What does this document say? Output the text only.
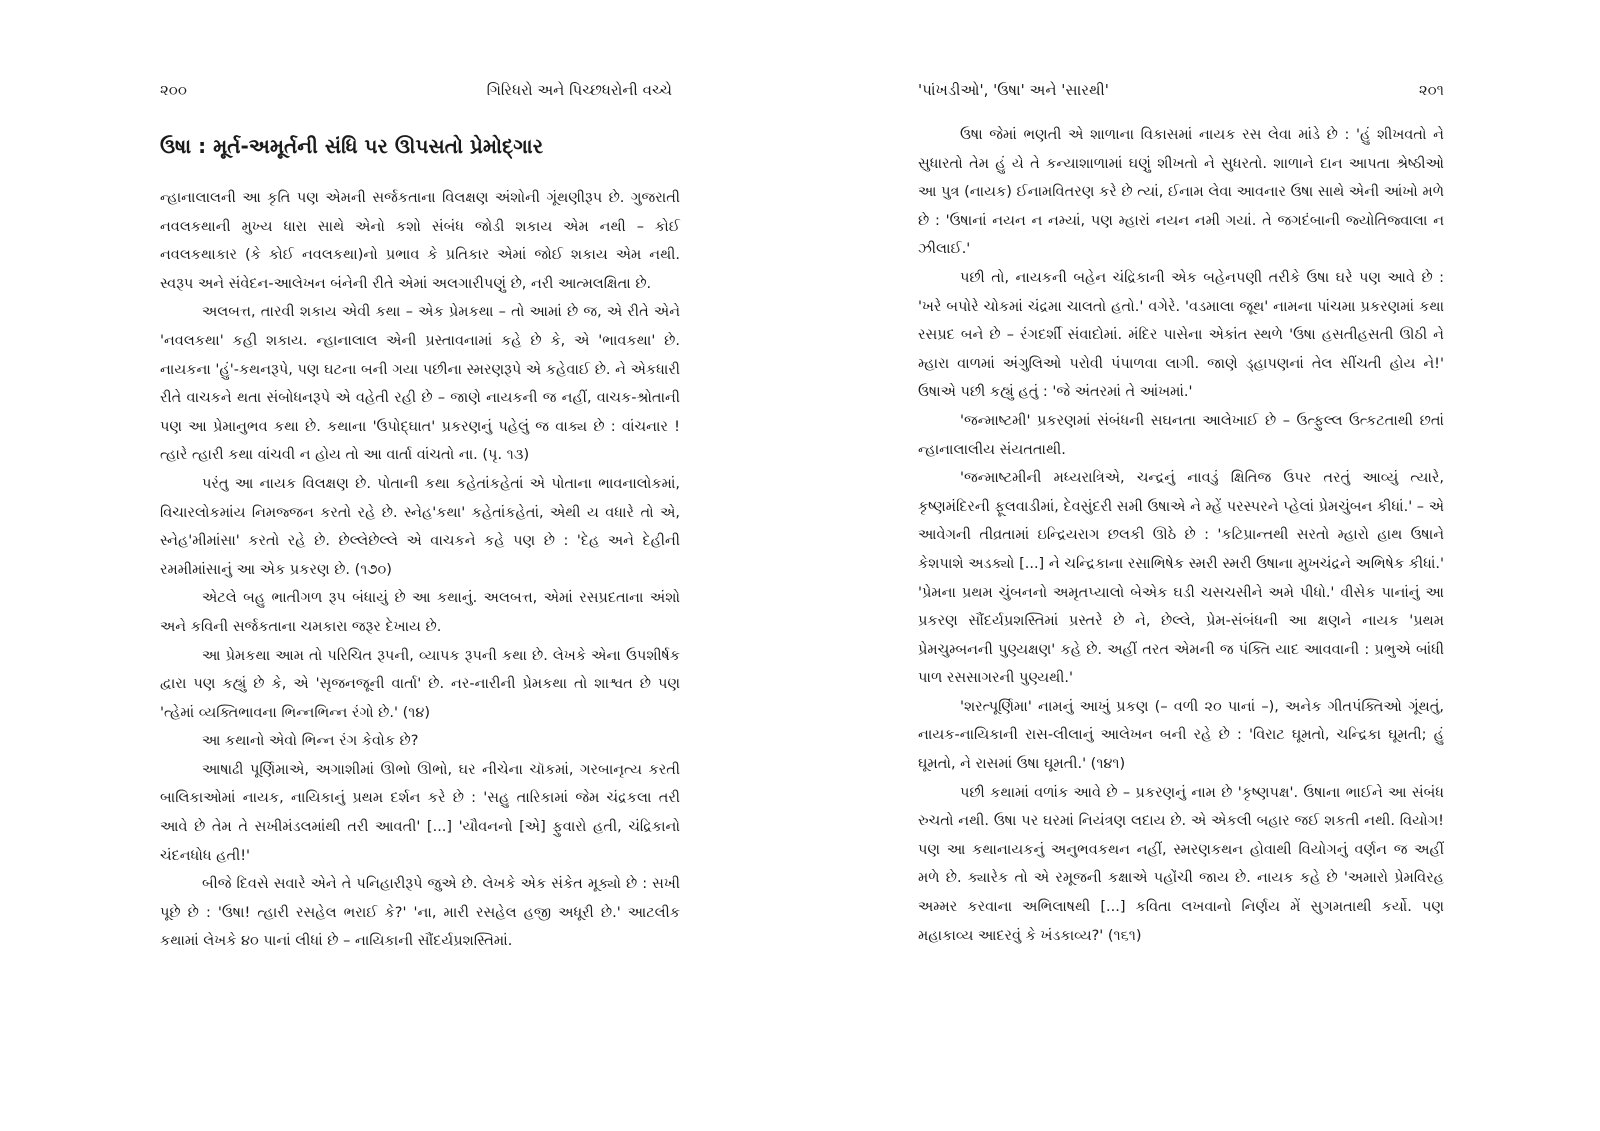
૨૦૦	ગિરિધરો અને પિચ્છધરોની વચ્ચે
ઉષા : મૂર્ત-અમૂર્તની સંધિ પર ઊપસતો પ્રેમોદ્ગાર

ન્હાનાલાલની આ કૃતિ પણ એમની સર્જકતાના વિલક્ષણ અંશોની ગૂંથણીરૂપ છે. ગુજરાતી નવલકથાની મુખ્ય ધારા સાથે એનો કશો સંબંધ જોડી શકાય એમ નથી – કોઈ નવલકથાકાર (કે કોઈ નવલકથા)નો પ્રભાવ કે પ્રતિકાર એમાં જોઈ શકાય એમ નથી. સ્વરૂપ અને સંવેદન-આલેખન બંનેની રીતે એમાં અલગારીપણું છે, નરી આત્મલક્ષિતા છે.

અલબત્ત, તારવી શકાય એવી કથા – એક પ્રેમકથા – તો આમાં છે જ, એ રીતે એને 'નવલકથા' કહી શકાય. ન્હાનાલાલ એની પ્રસ્તાવનામાં કહે છે કે, એ 'ભાવકથા' છે. નાયકના 'હું'-કથનરૂપે, પણ ઘટના બની ગયા પછીના સ્મરણરૂપે એ કહેવાઈ છે. ને એકધારી રીતે વાચકને થતા સંબોધનરૂપે એ વહેતી રહી છે – જાણે નાયકની જ નહીં, વાચક-શ્રોતાની પણ આ પ્રેમાનુભવ કથા છે. કથાના 'ઉપોદ્ઘાત' પ્રકરણનું પહેલું જ વાક્ય છે : વાંચનાર ! ત્હારે ત્હારી કથા વાંચવી ન હોય તો આ વાર્તા વાંચતો ના. (પૃ. ૧૩)

પરંતુ આ નાયક વિલક્ષણ છે. પોતાની કથા કહેતાંકહેતાં એ પોતાના ભાવનાલોકમાં, વિચારલોકમાંય નિમજ્જન કરતો રહે છે. સ્નેહ'કથા' કહેતાંકહેતાં, એથી ય વધારે તો એ, સ્નેહ'મીમાંસા' કરતો રહે છે. છેલ્લેછેલ્લે એ વાચકને કહે પણ છે : 'દેહ અને દેહીની રમમીમાંસાનું આ એક પ્રકરણ છે. (૧૭૦)

એટલે બહુ ભાતીગળ રૂપ બંધાયું છે આ કથાનું. અલબત્ત, એમાં રસપ્રદતાના અંશો અને કવિની સર્જકતાના ચમકારા જરૂર દેખાય છે.

આ પ્રેમકથા આમ તો પરિચિત રૂપની, વ્યાપક રૂપની કથા છે. લેખકે એના ઉપશીર્ષક દ્વારા પણ કહ્યું છે કે, એ 'સૃજનજૂની વાર્તા' છે. નર-નારીની પ્રેમકથા તો શાશ્વત છે પણ 'ત્હેમાં વ્યક્તિભાવના ભિન્નભિન્ન રંગો છે.' (૧૪)

આ કથાનો એવો ભિન્ન રંગ કેવોક છે?

આષાઢી પૂર્ણિમાએ, અગાશીમાં ઊભો ઊભો, ઘર નીચેના ચૉકમાં, ગરબાનૃત્ય કરતી બાલિકાઓમાં નાયક, નાયિકાનું પ્રથમ દર્શન કરે છે : 'સહુ તારિકામાં જેમ ચંદ્રકલા તરી આવે છે તેમ તે સખીમંડલમાંથી તરી આવતી' [...] 'યૌવનનો [એ] ફુવારો હતી, ચંદ્રિકાનો ચંદનધોધ હતી!'

બીજે દિવસે સવારે એને તે પનિહારીરૂપે જુએ છે. લેખકે એક સંકેત મૂક્યો છે : સખી પૂછે છે : 'ઉષા! ત્હારી રસહેલ ભરાઈ કે?' 'ના, મારી રસહેલ હજી અધૂરી છે.' આટલીક કથામાં લેખકે ૪૦ પાનાં લીધાં છે – નાયિકાની સૌંદર્યપ્રશસ્તિમાં.

'પાંખડીઓ', 'ઉષા' અને 'સારથી'	૨૦૧

ઉષા જેમાં ભણતી એ શાળાના વિકાસમાં નાયક રસ લેવા માંડે છે : 'હું શીખવતો ને સુધારતો તેમ હું યે તે કન્યાશાળામાં ઘણું શીખતો ને સુધરતો. શાળાને દાન આપતા શ્રેષ્ઠીઓ આ પુત્ર (નાયક) ઈનામવિતરણ કરે છે ત્યાં, ઈનામ લેવા આવનાર ઉષા સાથે એની આંખો મળે છે : 'ઉષાનાં નયન ન નમ્યાં, પણ મ્હારાં નયન નમી ગયાં. તે જગદંબાની જ્યોતિજ્વાલા ન ઝીલાઈ.'

પછી તો, નાયકની બહેન ચંદ્રિકાની એક બહેનપણી તરીકે ઉષા ઘરે પણ આવે છે : 'ખરે બપોરે ચોકમાં ચંદ્રમા ચાલતો હતો.' વગેરે. 'વડમાલા જૂથ' નામના પાંચમા પ્રકરણમાં કથા રસપ્રદ બને છે – રંગદર્શી સંવાદોમાં. મંદિર પાસેના એકાંત સ્થળે 'ઉષા હસતીહસતી ઊઠી ને મ્હારા વાળમાં અંગુલિઓ પરોવી પંપાળવા લાગી. જાણે ડ્હાપણનાં તેલ સીંચતી હોય ને!' ઉષાએ પછી કહ્યું હતું : 'જે અંતરમાં તે આંખમાં.'

'જન્માષ્ટમી' પ્રકરણમાં સંબંધની સઘનતા આલેખાઈ છે – ઉત્ફુલ્લ ઉત્કટતાથી છતાં ન્હાનાલાલીય સંયતતાથી.

'જન્માષ્ટમીની મધ્યરાત્રિએ, ચન્દ્રનું નાવડું ક્ષિતિજ ઉપર તરતું આવ્યું ત્યારે, કૃષ્ણમંદિરની ફૂલવાડીમાં, દેવસુંદરી સમી ઉષાએ ને મ્હેં પરસ્પરને પ્હેલાં પ્રેમચુંબન કીધાં.' – એ આવેગની તીવ્રતામાં ઇન્દ્રિયરાગ છલકી ઊઠે છે : 'કટિપ્રાન્તથી સરતો મ્હારો હાથ ઉષાને કેશપાશે અડક્યો [...] ને ચન્દ્રિકાના રસાભિષેક સ્મરી સ્મરી ઉષાના મુખચંદ્રને અભિષેક કીધાં.' 'પ્રેમના પ્રથમ ચુંબનનો અમૃતપ્યાલો બેએક ઘડી ચસચસીને અમે પીધો.' વીસેક પાનાંનું આ પ્રકરણ સૌંદર્યપ્રશસ્તિમાં પ્રસ્તરે છે ને, છેલ્લે, પ્રેમ-સંબંધની આ ક્ષણને નાયક 'પ્રથમ પ્રેમચુમ્બનની પુણ્યક્ષણ' કહે છે. અહીં તરત એમની જ પંક્તિ યાદ આવવાની : પ્રભુએ બાંધી પાળ રસસાગરની પુણ્યથી.'

'શરત્પૂર્ણિમા' નામનું આખું પ્રકણ (– વળી ૨૦ પાનાં –), અનેક ગીતપંક્તિઓ ગૂંથતું, નાયક-નાયિકાની રાસ-લીલાનું આલેખન બની રહે છે : 'વિરાટ ઘૂમતો, ચન્દ્રિકા ઘૂમતી; હું ઘૂમતો, ને રાસમાં ઉષા ઘૂમતી.' (૧૪૧)

પછી કથામાં વળાંક આવે છે – પ્રકરણનું નામ છે 'કૃષ્ણપક્ષ'. ઉષાના ભાઈને આ સંબંધ રુચતો નથી. ઉષા પર ઘરમાં નિયંત્રણ લદાય છે. એ એકલી બહાર જઈ શકતી નથી. વિયોગ! પણ આ કથાનાયકનું અનુભવકથન નહીં, સ્મરણકથન હોવાથી વિયોગનું વર્ણન જ અહીં મળે છે. ક્યારેક તો એ રમૂજની કક્ષાએ પહોંચી જાય છે. નાયક કહે છે 'અમારો પ્રેમવિરહ અમ્મર કરવાના અભિલાષથી [...] કવિતા લખવાનો નિર્ણય મેં સુગમતાથી કર્યો. પણ મહાકાવ્ય આદરવું કે ખંડકાવ્ય?' (૧૬૧)
